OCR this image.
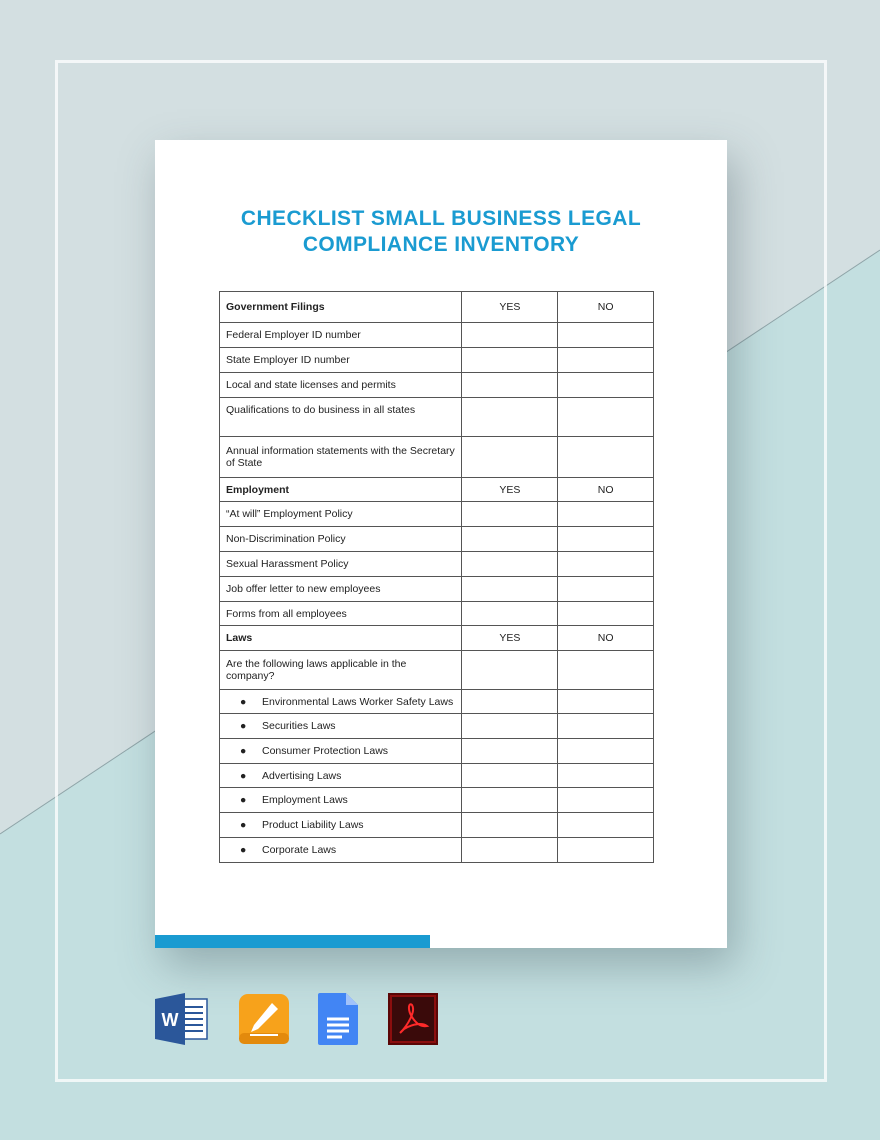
CHECKLIST SMALL BUSINESS LEGAL
COMPLIANCE INVENTORY
Government Filings	YES	NO
Federal Employer ID number		
State Employer ID number		
Local and state licenses and permits		
Qualifications to do business in all states		
Annual information statements with the Secretary of State		
Employment	YES	NO
“At will” Employment Policy		
Non-Discrimination Policy		
Sexual Harassment Policy		
Job offer letter to new employees		
Forms from all employees		
Laws	YES	NO
Are the following laws applicable in the company?		
● Environmental Laws Worker Safety Laws		
● Securities Laws		
● Consumer Protection Laws		
● Advertising Laws		
● Employment Laws		
● Product Liability Laws		
● Corporate Laws		
W
